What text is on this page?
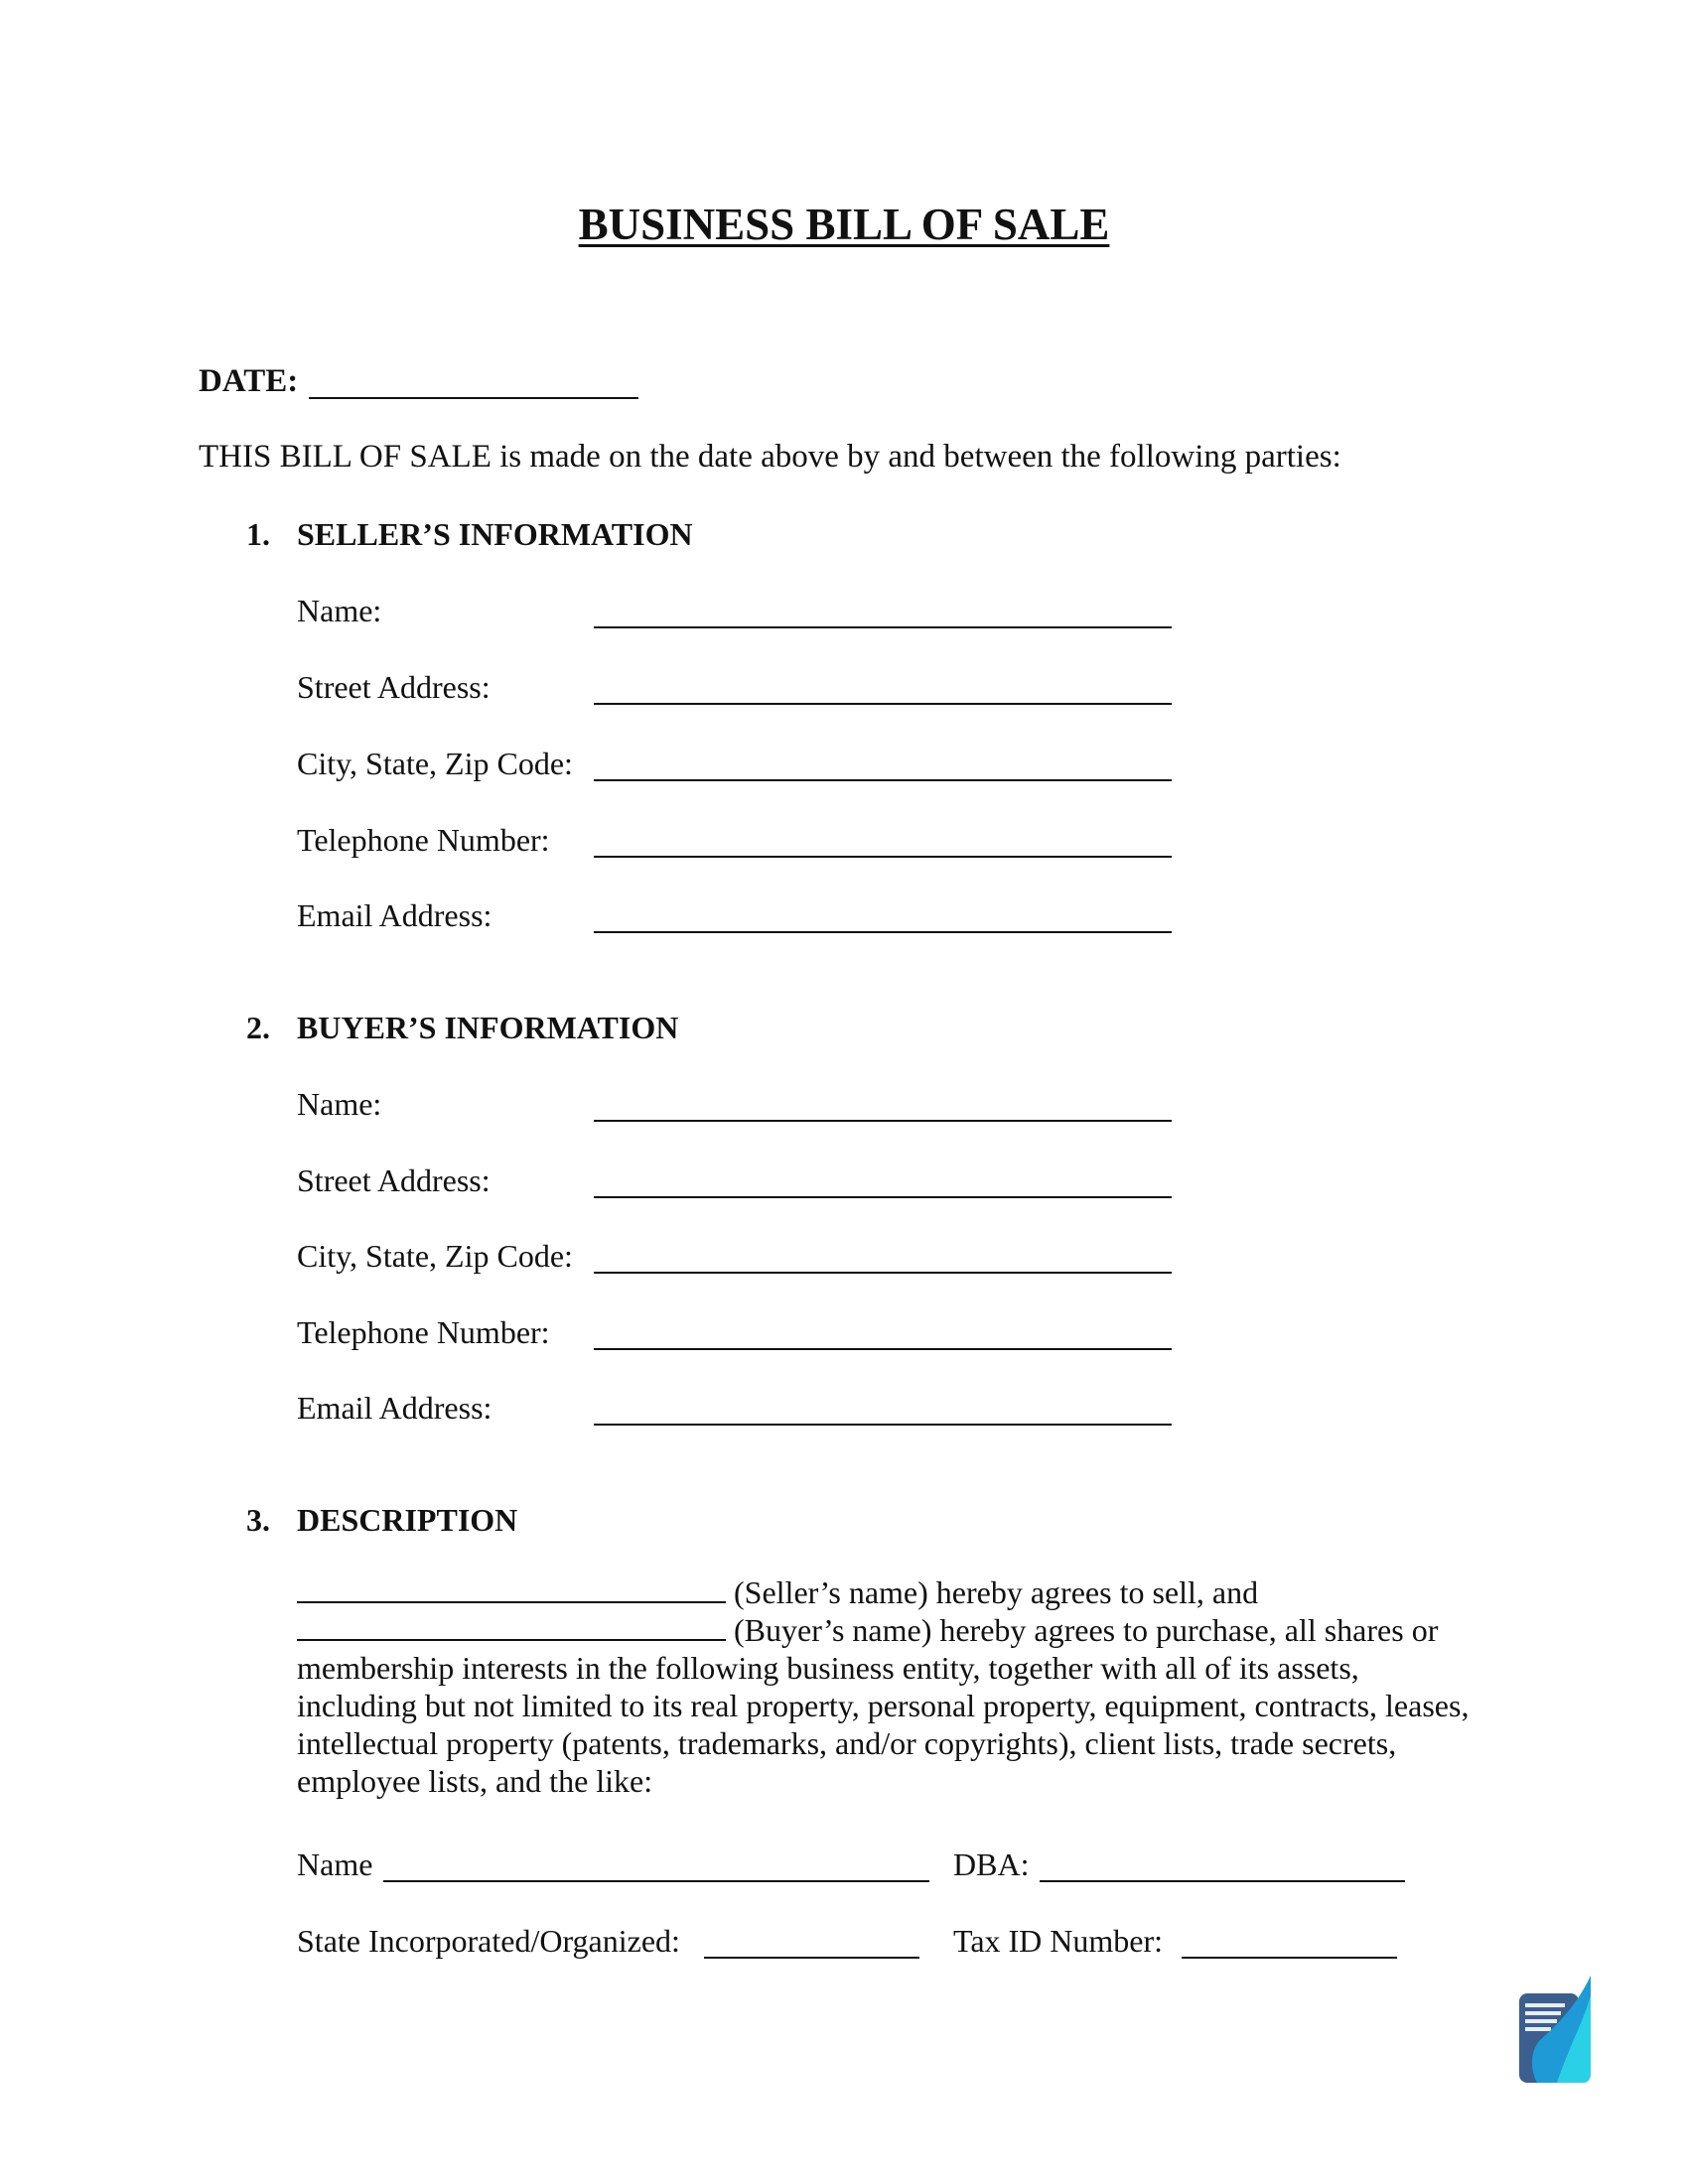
BUSINESS BILL OF SALE
DATE:
THIS BILL OF SALE is made on the date above by and between the following parties:
1. SELLER’S INFORMATION
Name:
Street Address:
City, State, Zip Code:
Telephone Number:
Email Address:
2. BUYER’S INFORMATION
Name:
Street Address:
City, State, Zip Code:
Telephone Number:
Email Address:
3. DESCRIPTION
(Seller’s name) hereby agrees to sell, and
(Buyer’s name) hereby agrees to purchase, all shares or membership interests in the following business entity, together with all of its assets, including but not limited to its real property, personal property, equipment, contracts, leases, intellectual property (patents, trademarks, and/or copyrights), client lists, trade secrets, employee lists, and the like:
Name	DBA:
State Incorporated/Organized:	Tax ID Number:
